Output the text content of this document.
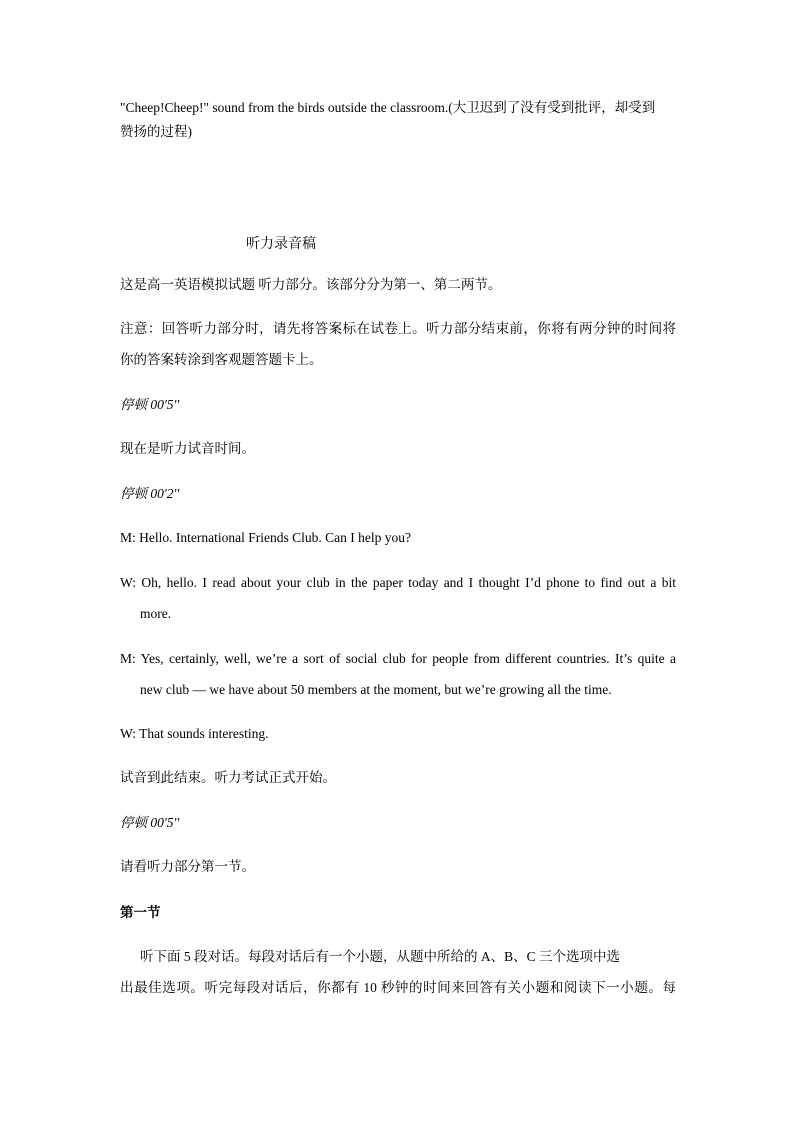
"Cheep!Cheep!" sound from the birds outside the classroom.(大卫迟到了没有受到批评，却受到
赞扬的过程)
听力录音稿
这是高一英语模拟试题 听力部分。该部分分为第一、第二两节。
注意：回答听力部分时，请先将答案标在试卷上。听力部分结束前，你将有两分钟的时间将
你的答案转涂到客观题答题卡上。
停顿 00'5''
现在是听力试音时间。
停顿 00'2''
M: Hello. International Friends Club. Can I help you?
W: Oh, hello. I read about your club in the paper today and I thought I’d phone to find out a bit
more.
M: Yes, certainly, well, we’re a sort of social club for people from different countries. It’s quite a
new club — we have about 50 members at the moment, but we’re growing all the time.
W: That sounds interesting.
试音到此结束。听力考试正式开始。
停顿 00'5''
请看听力部分第一节。
第一节
听下面 5 段对话。每段对话后有一个小题，从题中所给的 A、B、C 三个选项中选
出最佳选项。听完每段对话后，你都有 10 秒钟的时间来回答有关小题和阅读下一小题。每
